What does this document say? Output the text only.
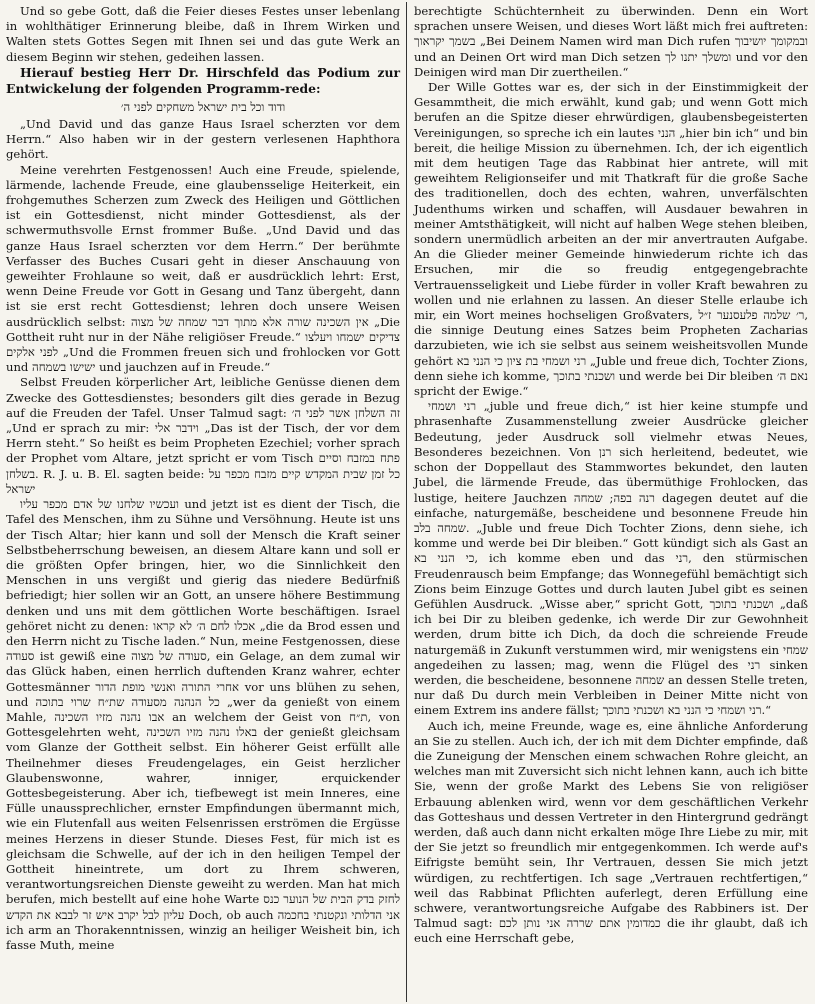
Und so gebe Gott, daß die Feier dieses Festes unser lebenlang in wohlthätiger Erinnerung bleibe, daß in Ihrem Wirken und Walten stets Gottes Segen mit Ihnen sei und das gute Werk an diesem Beginn wir stehen, gedeihen lassen.

Hierauf bestieg Herr Dr. Hirschfeld das Podium zur Entwickelung der folgenden Programm-rede:

ודוד וכל בית ישראל משחקים לפני ה׳

„Und David und das ganze Haus Israel scherzten vor dem Herrn.“ Also haben wir in der gestern verlesenen Haphthora gehört.

Meine verehrten Festgenossen! Auch eine Freude, spielende, lärmende, lachende Freude, eine glaubensselige Heiterkeit, ein frohgemuthes Scherzen zum Zweck des Heiligen und Göttlichen ist ein Gottesdienst, nicht minder Gottesdienst, als der schwermuthsvolle Ernst frommer Buße. „Und David und das ganze Haus Israel scherzten vor dem Herrn.“ Der berühmte Verfasser des Buches Cusari geht in dieser Anschauung von geweihter Frohlaune so weit, daß er ausdrücklich lehrt: Erst, wenn Deine Freude vor Gott in Gesang und Tanz übergeht, dann ist sie erst recht Gottesdienst; lehren doch unsere Weisen ausdrücklich selbst: אין השכינה שורה אלא מתוך דבר שמחה של מצוה „Die Gottheit ruht nur in der Nähe religiöser Freude.“ צדיקים ישמחו ויעלצו לפני אלקים „Und die Frommen freuen sich und frohlocken vor Gott und ישישו בשמחה und jauchzen auf in Freude.“

Selbst Freuden körperlicher Art, leibliche Genüsse dienen dem Zwecke des Gottesdienstes; besonders gilt dies gerade in Bezug auf die Freuden der Tafel. Unser Talmud sagt: זה השלחן אשר לפני ה׳ „Und er sprach zu mir: וידבר אלי „Das ist der Tisch, der vor dem Herrn steht.“ So heißt es beim Propheten Ezechiel; vorher sprach der Prophet vom Altare, jetzt spricht er vom Tisch פתח במזבח וסיים בשלחן. R. J. u. B. El. sagten beide: כל זמן שבית המקדש קיים מזבח מכפר על ישראל

ועכשיו שלחנו של אדם מכפר עליו und jetzt ist es dient der Tisch, die Tafel des Menschen, ihm zu Sühne und Versöhnung. Heute ist uns der Tisch Altar; hier kann und soll der Mensch die Kraft seiner Selbstbeherrschung beweisen, an diesem Altare kann und soll er die größten Opfer bringen, hier, wo die Sinnlichkeit den Menschen in uns vergißt und gierig das niedere Bedürfniß befriedigt; hier sollen wir an Gott, an unsere höhere Bestimmung denken und uns mit dem göttlichen Worte beschäftigen. Israel gehöret nicht zu denen: אכלו לחם ה׳ לא קראו „die da Brod essen und den Herrn nicht zu Tische laden.“ Nun, meine Festgenossen, diese סעודה ist gewiß eine סעודה של מצוה, ein Gelage, an dem zumal wir das Glück haben, einen herrlich duftenden Kranz wahrer, echter Gottesmänner אחרי התורה ואנשי מופת הדור vor uns blühen zu sehen, und כל הנהנה מסעודה שת״ח שרוי בתוכה „wer da genießt von einem Mahle, אבו נהנה מזיו השכינה an welchem der Geist von ת״ח, von Gottesgelehrten weht, באלו נהנה מזיו השכינה der genießt gleichsam vom Glanze der Gottheit selbst. Ein höherer Geist erfüllt alle Theilnehmer dieses Freudengelages, ein Geist herzlicher Glaubenswonne, wahrer, inniger, erquickender Gottesbegeisterung. Aber ich, tiefbewegt ist mein Inneres, eine Fülle unaussprechlicher, ernster Empfindungen übermannt mich, wie ein Flutenfall aus weiten Felsenrissen erströmen die Ergüsse meines Herzens in dieser Stunde. Dieses Fest, für mich ist es gleichsam die Schwelle, auf der ich in den heiligen Tempel der Gottheit hineintrete, um dort zu Ihrem schweren, verantwortungsreichen Dienste geweiht zu werden. Man hat mich berufen, mich bestellt auf eine hohe Warte לחזק בדק הבית של הנוער כנס עליון לבל יקרב איש זר לבבא את הקדש Doch, ob auch אני הדלותי ונקטנתי בחכמה ich arm an Thorakenntnissen, winzig an heiliger Weisheit bin, ich fasse Muth, meine

berechtigte Schüchternheit zu überwinden. Denn ein Wort sprachen unsere Weisen, und dieses Wort läßt mich frei auftreten: בשמך יקראוך „Bei Deinem Namen wird man Dich rufen ובמקומך יושיבוך und an Deinen Ort wird man Dich setzen ומשלך יתנו לך und vor den Deinigen wird man Dir zuertheilen.“

Der Wille Gottes war es, der sich in der Einstimmigkeit der Gesammtheit, die mich erwählt, kund gab; und wenn Gott mich berufen an die Spitze dieser ehrwürdigen, glaubensbegeisterten Vereinigungen, so spreche ich ein lautes הנני „hier bin ich“ und bin bereit, die heilige Mission zu übernehmen. Ich, der ich eigentlich mit dem heutigen Tage das Rabbinat hier antrete, will mit geweihtem Religionseifer und mit Thatkraft für die große Sache des traditionellen, doch des echten, wahren, unverfälschten Judenthums wirken und schaffen, will Ausdauer bewahren in meiner Amtsthätigkeit, will nicht auf halben Wege stehen bleiben, sondern unermüdlich arbeiten an der mir anvertrauten Aufgabe. An die Glieder meiner Gemeinde hinwiederum richte ich das Ersuchen, mir die so freudig entgegengebrachte Vertrauensseligkeit und Liebe fürder in voller Kraft bewahren zu wollen und nie erlahnen zu lassen. An dieser Stelle erlaube ich mir, ein Wort meines hochseligen Großvaters, ר׳ שלמה פלעסנער ז״ל, die sinnige Deutung eines Satzes beim Propheten Zacharias darzubieten, wie ich sie selbst aus seinem weisheitsvollen Munde gehört רני ושמחי בת ציון כי הנני בא „Juble und freue dich, Tochter Zions, denn siehe ich komme, ושכנתי בתוכך und werde bei Dir bleiben נאם ה׳ spricht der Ewige.“

רני ושמחי „juble und freue dich,“ ist hier keine stumpfe und phrasenhafte Zusammenstellung zweier Ausdrücke gleicher Bedeutung, jeder Ausdruck soll vielmehr etwas Neues, Besonderes bezeichnen. Von רנן sich herleitend, bedeutet, wie schon der Doppellaut des Stammwortes bekundet, den lauten Jubel, die lärmende Freude, das übermüthige Frohlocken, das lustige, heitere Jauchzen רנה בפה; שמחה dagegen deutet auf die einfache, naturgemäße, bescheidene und besonnene Freude hin שמחה בלב. „Juble und freue Dich Tochter Zions, denn siehe, ich komme und werde bei Dir bleiben.“ Gott kündigt sich als Gast an כי הנני בא, ich komme eben und das רני, den stürmischen Freudenrausch beim Empfange; das Wonnegefühl bemächtigt sich Zions beim Einzuge Gottes und durch lauten Jubel gibt es seinen Gefühlen Ausdruck. „Wisse aber,“ spricht Gott, ושכנתי בתוכך „daß ich bei Dir zu bleiben gedenke, ich werde Dir zur Gewohnheit werden, drum bitte ich Dich, da doch die schreiende Freude naturgemäß in Zukunft verstummen wird, mir wenigstens ein שמחי angedeihen zu lassen; mag, wenn die Flügel des רני sinken werden, die bescheidene, besonnene שמחה an dessen Stelle treten, nur daß Du durch mein Verbleiben in Deiner Mitte nicht von einem Extrem ins andere fällst; רני ושמחי כי הנני בא ושכנתי בתוכך.“

Auch ich, meine Freunde, wage es, eine ähnliche Anforderung an Sie zu stellen. Auch ich, der ich mit dem Dichter empfinde, daß die Zuneigung der Menschen einem schwachen Rohre gleicht, an welches man mit Zuversicht sich nicht lehnen kann, auch ich bitte Sie, wenn der große Markt des Lebens Sie von religiöser Erbauung ablenken wird, wenn vor dem geschäftlichen Verkehr das Gotteshaus und dessen Vertreter in den Hintergrund gedrängt werden, daß auch dann nicht erkalten möge Ihre Liebe zu mir, mit der Sie jetzt so freundlich mir entgegenkommen. Ich werde auf's Eifrigste bemüht sein, Ihr Vertrauen, dessen Sie mich jetzt würdigen, zu rechtfertigen. Ich sage „Vertrauen rechtfertigen,“ weil das Rabbinat Pflichten auferlegt, deren Erfüllung eine schwere, verantwortungsreiche Aufgabe des Rabbiners ist. Der Talmud sagt: כמדומין אתם שררה אני נותן לכם die ihr glaubt, daß ich euch eine Herrschaft gebe,
